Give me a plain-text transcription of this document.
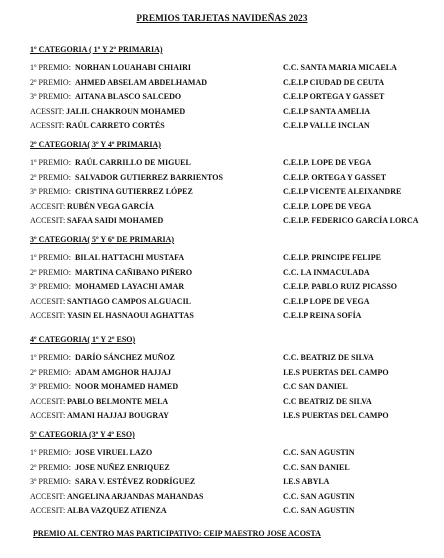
PREMIOS TARJETAS NAVIDEÑAS 2023
1º CATEGORIA ( 1º Y 2º PRIMARIA)
1º PREMIO: NORHAN LOUAHABI CHIAIRI	C.C. SANTA MARIA MICAELA
2º PREMIO: AHMED ABSELAM ABDELHAMAD	C.E.I.P CIUDAD DE CEUTA
3º PREMIO: AITANA BLASCO SALCEDO	C.E.I.P ORTEGA Y GASSET
ACESSIT: JALIL CHAKROUN MOHAMED	C.E.I.P SANTA AMELIA
ACESSIT: RAÚL CARRETO CORTÉS	C.E.I.P VALLE INCLAN
2º CATEGORIA( 3º Y 4º PRIMARIA)
1º PREMIO: RAÚL CARRILLO DE MIGUEL	C.E.I.P. LOPE DE VEGA
2º PREMIO: SALVADOR GUTIERREZ BARRIENTOS	C.E.I.P. ORTEGA Y GASSET
3º PREMIO: CRISTINA GUTIERREZ LÓPEZ	C.E.I.P VICENTE ALEIXANDRE
ACCESIT: RUBÉN VEGA GARCÍA	C.E.I.P. LOPE DE VEGA
ACCESIT: SAFAA SAIDI MOHAMED	C.E.I.P. FEDERICO GARCÍA LORCA
3º CATEGORIA( 5º Y 6º DE PRIMARIA)
1º PREMIO: BILAL HATTACHI MUSTAFA	C.E.I.P. PRINCIPE FELIPE
2º PREMIO: MARTINA CAÑIBANO PIÑERO	C.C. LA INMACULADA
3º PREMIO: MOHAMED LAYACHI AMAR	C.E.I.P. PABLO RUIZ PICASSO
ACCESIT: SANTIAGO CAMPOS ALGUACIL	C.E.I.P LOPE DE VEGA
ACCESIT: YASIN EL HASNAOUI AGHATTAS	C.E.I.P REINA SOFÍA
4º CATEGORIA( 1º Y 2º ESO)
1º PREMIO: DARÍO SÁNCHEZ MUÑOZ	C.C. BEATRIZ DE SILVA
2º PREMIO: ADAM AMGHOR HAJJAJ	I.E.S PUERTAS DEL CAMPO
3º PREMIO: NOOR MOHAMED HAMED	C.C SAN DANIEL
ACCESIT: PABLO BELMONTE MELA	C.C BEATRIZ DE SILVA
ACCESIT: AMANI HAJJAJ BOUGRAY	I.E.S PUERTAS DEL CAMPO
5º CATEGORIA (3º Y 4º ESO)
1º PREMIO: JOSE VIRUEL LAZO	C.C. SAN AGUSTIN
2º PREMIO: JOSE NUÑEZ ENRIQUEZ	C.C. SAN DANIEL
3º PREMIO: SARA V. ESTÉVEZ RODRÍGUEZ	I.E.S ABYLA
ACCESIT: ANGELINA ARJANDAS MAHANDAS	C.C. SAN AGUSTIN
ACCESIT: ALBA VAZQUEZ ATIENZA	C.C. SAN AGUSTIN
PREMIO AL CENTRO MAS PARTICIPATIVO: CEIP MAESTRO JOSE ACOSTA
